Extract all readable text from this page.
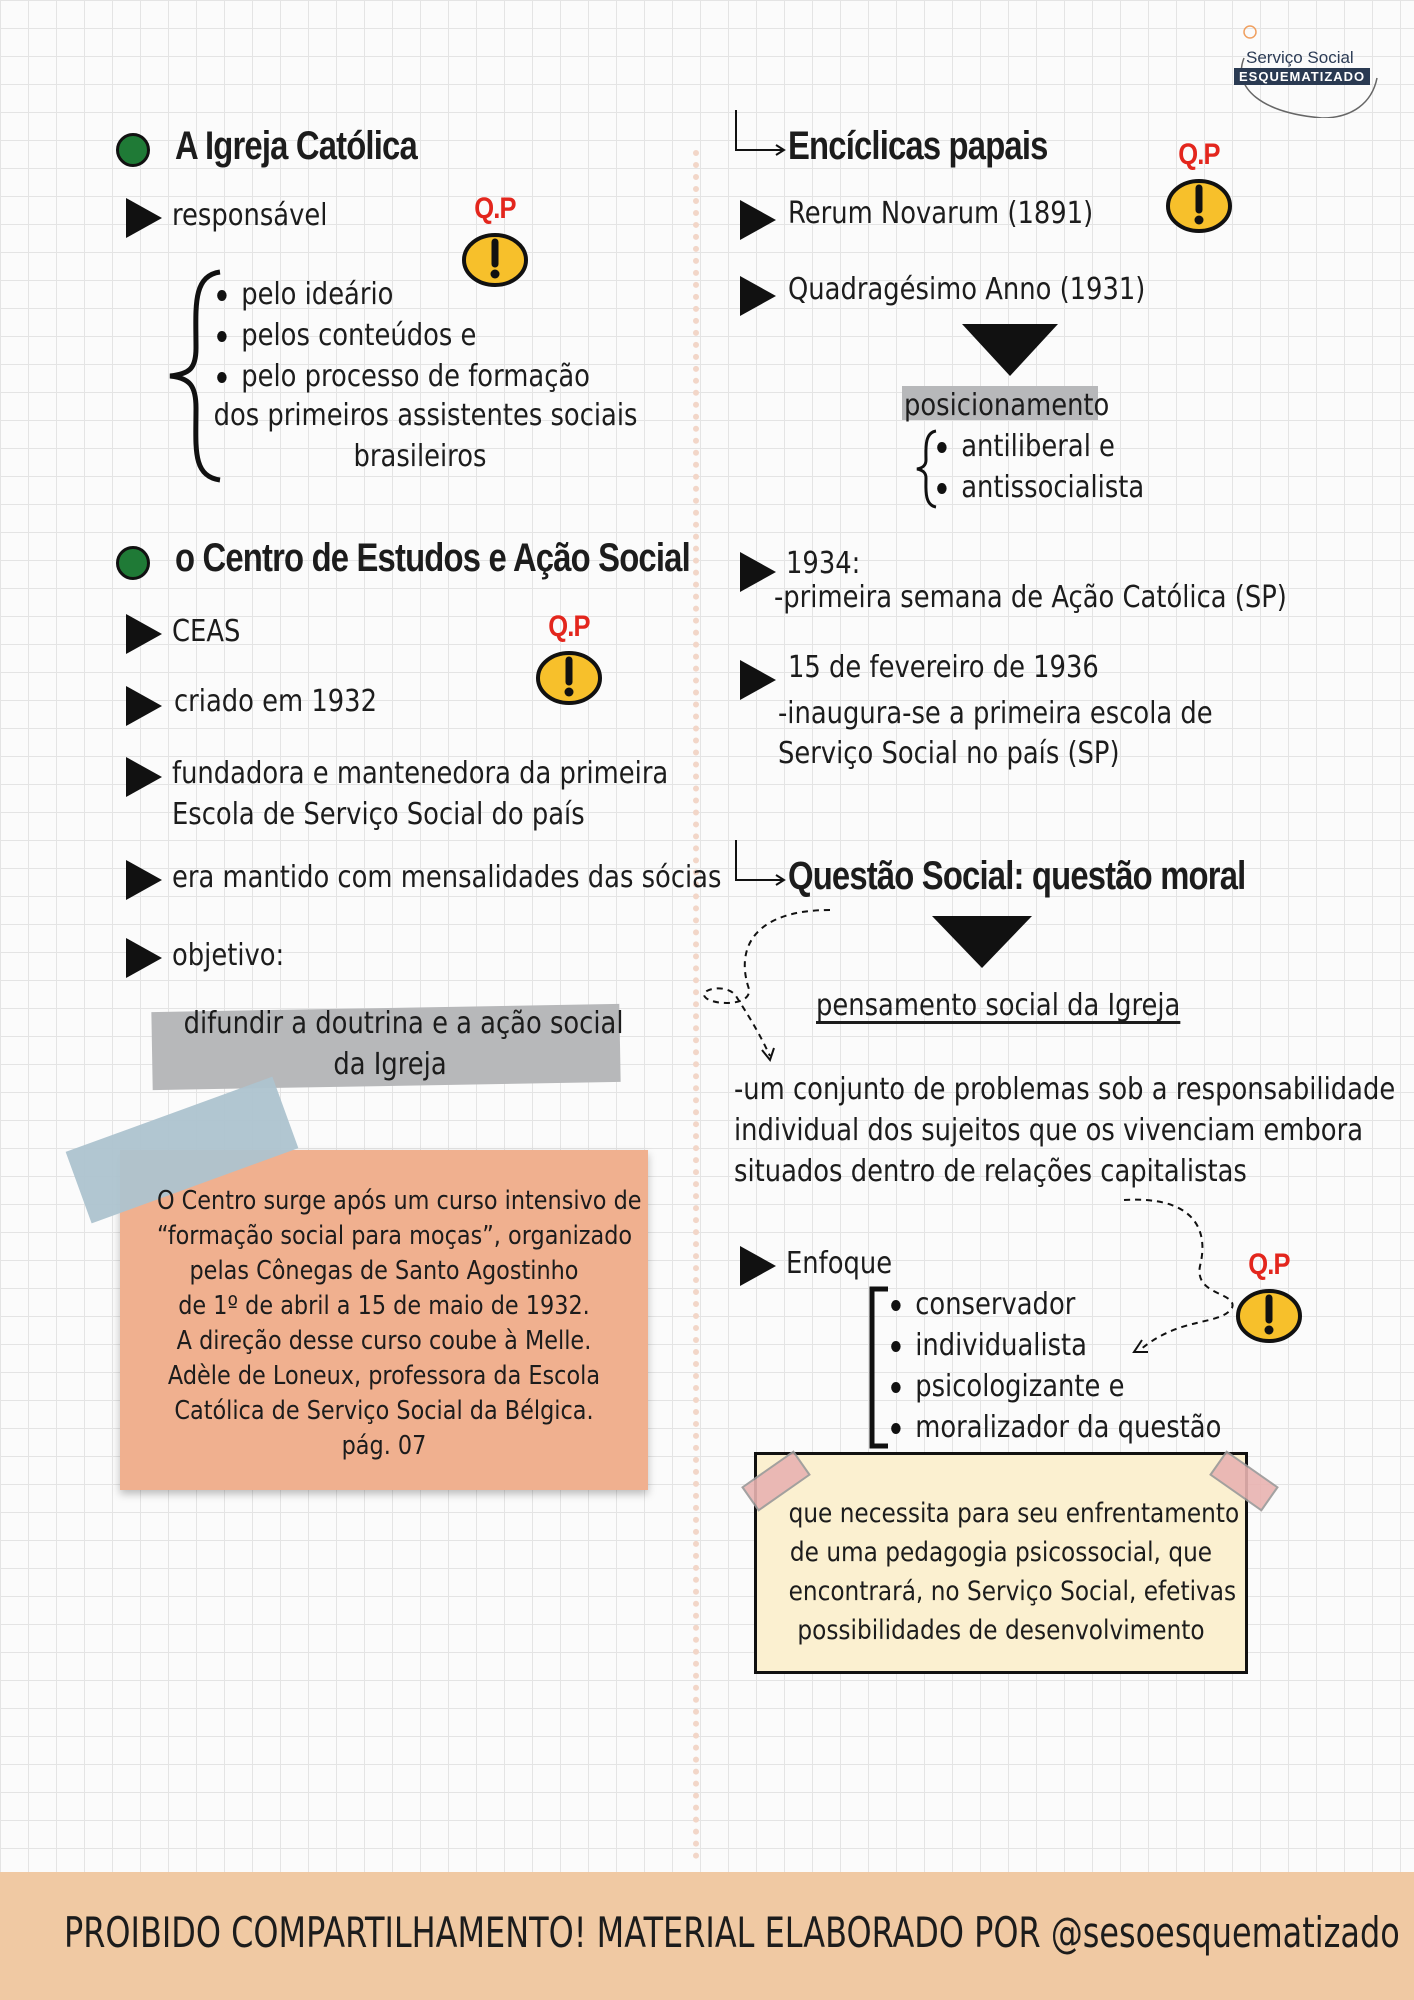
Serviço Social
ESQUEMATIZADO
A Igreja Católica
responsável	Q.P
pelo ideário
pelos conteúdos e
pelo processo de formação
dos primeiros assistentes sociais
brasileiros
o Centro de Estudos e Ação Social
CEAS	Q.P
criado em 1932
fundadora e mantenedora da primeira
Escola de Serviço Social do país
era mantido com mensalidades das sócias
objetivo:
difundir a doutrina e a ação social
da Igreja
O Centro surge após um curso intensivo de
“formação social para moças”, organizado
pelas Cônegas de Santo Agostinho
de 1º de abril a 15 de maio de 1932.
A direção desse curso coube à Melle.
Adèle de Loneux, professora da Escola
Católica de Serviço Social da Bélgica.
pág. 07
Encíclicas papais	Q.P
Rerum Novarum (1891)
Quadragésimo Anno (1931)
posicionamento
antiliberal e
antissocialista
1934:
-primeira semana de Ação Católica (SP)
15 de fevereiro de 1936
-inaugura-se a primeira escola de
Serviço Social no país (SP)
Questão Social: questão moral
pensamento social da Igreja
-um conjunto de problemas sob a responsabilidade
individual dos sujeitos que os vivenciam embora
situados dentro de relações capitalistas
Enfoque	Q.P
conservador
individualista
psicologizante e
moralizador da questão
que necessita para seu enfrentamento
de uma pedagogia psicossocial, que
encontrará, no Serviço Social, efetivas
possibilidades de desenvolvimento
PROIBIDO COMPARTILHAMENTO! MATERIAL ELABORADO POR @sesoesquematizado
